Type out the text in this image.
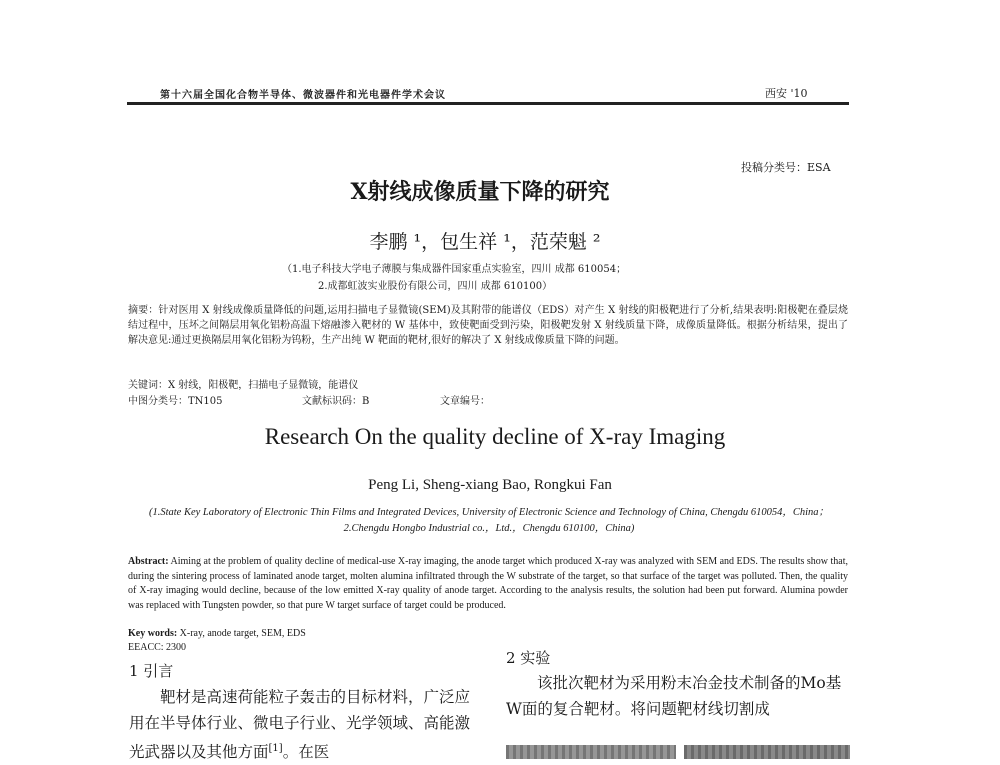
第十六届全国化合物半导体、微波器件和光电器件学术会议	西安 '10
投稿分类号：ESA
X射线成像质量下降的研究
李鹏 ¹，包生祥 ¹，范荣魁 ²
（1.电子科技大学电子薄膜与集成器件国家重点实验室，四川 成都 610054；
2.成都虹波实业股份有限公司，四川 成都 610100）
摘要：针对医用 X 射线成像质量降低的问题,运用扫描电子显微镜(SEM)及其附带的能谱仪（EDS）对产生 X 射线的阳极靶进行了分析,结果表明:阳极靶在叠层烧结过程中，压坏之间隔层用氧化铝粉高温下熔融渗入靶材的 W 基体中，致使靶面受到污染，阳极靶发射 X 射线质量下降，成像质量降低。根据分析结果，提出了解决意见:通过更换隔层用氧化铝粉为钨粉，生产出纯 W 靶面的靶材,很好的解决了 X 射线成像质量下降的问题。
关键词：X 射线，阳极靶，扫描电子显微镜，能谱仪
中图分类号：TN105	文献标识码：B	文章编号：
Research On the quality decline of X-ray Imaging
Peng Li, Sheng-xiang Bao, Rongkui Fan
(1.State Key Laboratory of Electronic Thin Films and Integrated Devices, University of Electronic Science and Technology of China, Chengdu 610054，China；2.Chengdu Hongbo Industrial co.，Ltd.，Chengdu 610100，China)
Abstract: Aiming at the problem of quality decline of medical-use X-ray imaging, the anode target which produced X-ray was analyzed with SEM and EDS. The results show that, during the sintering process of laminated anode target, molten alumina infiltrated through the W substrate of the target, so that surface of the target was polluted. Then, the quality of X-ray imaging would decline, because of the low emitted X-ray quality of anode target. According to the analysis results, the solution had been put forward. Alumina powder was replaced with Tungsten powder, so that pure W target surface of target could be produced.
Key words: X-ray, anode target, SEM, EDS
EEACC: 2300
1 引言
靶材是高速荷能粒子轰击的目标材料，广泛应用在半导体行业、微电子行业、光学领域、高能激光武器以及其他方面[1]。在医
2 实验
该批次靶材为采用粉末冶金技术制备的Mo基W面的复合靶材。将问题靶材线切割成
